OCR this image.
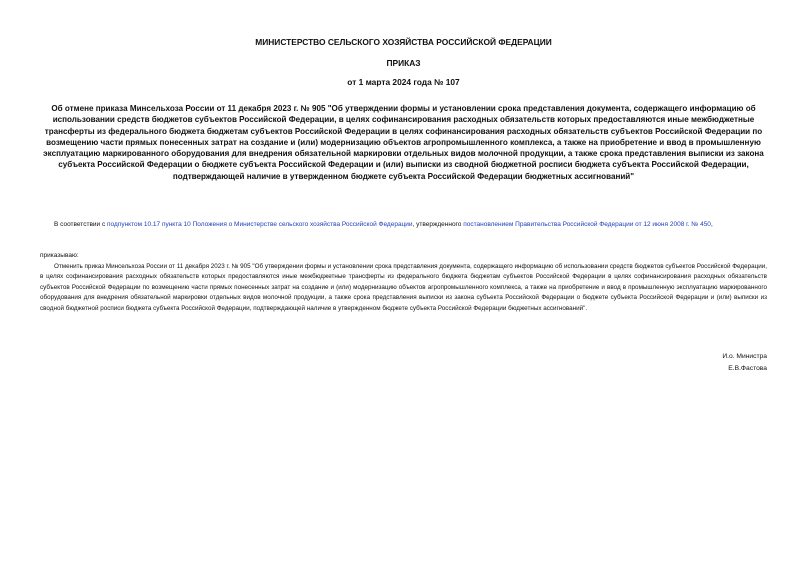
МИНИСТЕРСТВО СЕЛЬСКОГО ХОЗЯЙСТВА РОССИЙСКОЙ ФЕДЕРАЦИИ
ПРИКАЗ
от 1 марта 2024 года № 107
Об отмене приказа Минсельхоза России от 11 декабря 2023 г. № 905 "Об утверждении формы и установлении срока представления документа, содержащего информацию об использовании средств бюджетов субъектов Российской Федерации, в целях софинансирования расходных обязательств которых предоставляются иные межбюджетные трансферты из федерального бюджета бюджетам субъектов Российской Федерации в целях софинансирования расходных обязательств субъектов Российской Федерации по возмещению части прямых понесенных затрат на создание и (или) модернизацию объектов агропромышленного комплекса, а также на приобретение и ввод в промышленную эксплуатацию маркированного оборудования для внедрения обязательной маркировки отдельных видов молочной продукции, а также срока представления выписки из закона субъекта Российской Федерации о бюджете субъекта Российской Федерации и (или) выписки из сводной бюджетной росписи бюджета субъекта Российской Федерации, подтверждающей наличие в утвержденном бюджете субъекта Российской Федерации бюджетных ассигнований"
В соответствии с подпунктом 10.17 пункта 10 Положения о Министерстве сельского хозяйства Российской Федерации, утвержденного постановлением Правительства Российской Федерации от 12 июня 2008 г. № 450,
приказываю:
Отменить приказ Минсельхоза России от 11 декабря 2023 г. № 905 "Об утверждении формы и установлении срока представления документа, содержащего информацию об использовании средств бюджетов субъектов Российской Федерации, в целях софинансирования расходных обязательств которых предоставляются иные межбюджетные трансферты из федерального бюджета бюджетам субъектов Российской Федерации в целях софинансирования расходных обязательств субъектов Российской Федерации по возмещению части прямых понесенных затрат на создание и (или) модернизацию объектов агропромышленного комплекса, а также на приобретение и ввод в промышленную эксплуатацию маркированного оборудования для внедрения обязательной маркировки отдельных видов молочной продукции, а также срока представления выписки из закона субъекта Российской Федерации о бюджете субъекта Российской Федерации и (или) выписки из сводной бюджетной росписи бюджета субъекта Российской Федерации, подтверждающей наличие в утвержденном бюджете субъекта Российской Федерации бюджетных ассигнований".
И.о. Министра
Е.В.Фастова
